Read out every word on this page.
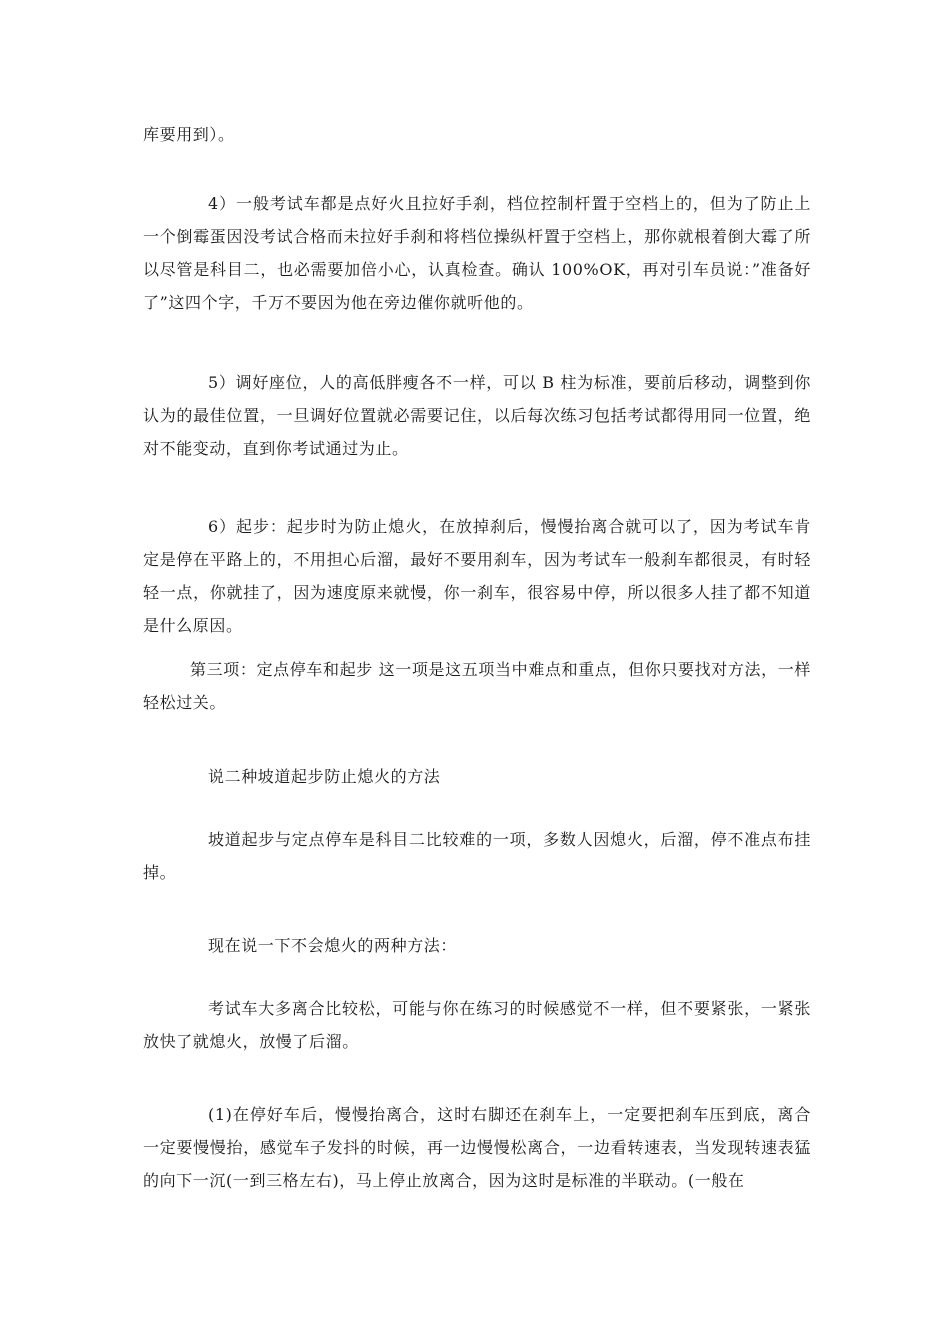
库要用到）。

4）一般考试车都是点好火且拉好手刹，档位控制杆置于空档上的，但为了防止上一个倒霉蛋因没考试合格而未拉好手刹和将档位操纵杆置于空档上，那你就根着倒大霉了所以尽管是科目二，也必需要加倍小心，认真检查。确认 100%OK，再对引车员说：”准备好了”这四个字，千万不要因为他在旁边催你就听他的。

5）调好座位，人的高低胖瘦各不一样，可以 B 柱为标准，要前后移动，调整到你认为的最佳位置，一旦调好位置就必需要记住，以后每次练习包括考试都得用同一位置，绝对不能变动，直到你考试通过为止。

6）起步：起步时为防止熄火，在放掉刹后，慢慢抬离合就可以了，因为考试车肯定是停在平路上的，不用担心后溜，最好不要用刹车，因为考试车一般刹车都很灵，有时轻轻一点，你就挂了，因为速度原来就慢，你一刹车，很容易中停，所以很多人挂了都不知道是什么原因。

第三项：定点停车和起步 这一项是这五项当中难点和重点，但你只要找对方法，一样轻松过关。

说二种坡道起步防止熄火的方法

坡道起步与定点停车是科目二比较难的一项，多数人因熄火，后溜，停不准点布挂掉。

现在说一下不会熄火的两种方法：

考试车大多离合比较松，可能与你在练习的时候感觉不一样，但不要紧张，一紧张放快了就熄火，放慢了后溜。

(1)在停好车后，慢慢抬离合，这时右脚还在刹车上，一定要把刹车压到底，离合一定要慢慢抬，感觉车子发抖的时候，再一边慢慢松离合，一边看转速表，当发现转速表猛的向下一沉(一到三格左右)，马上停止放离合，因为这时是标准的半联动。(一般在
